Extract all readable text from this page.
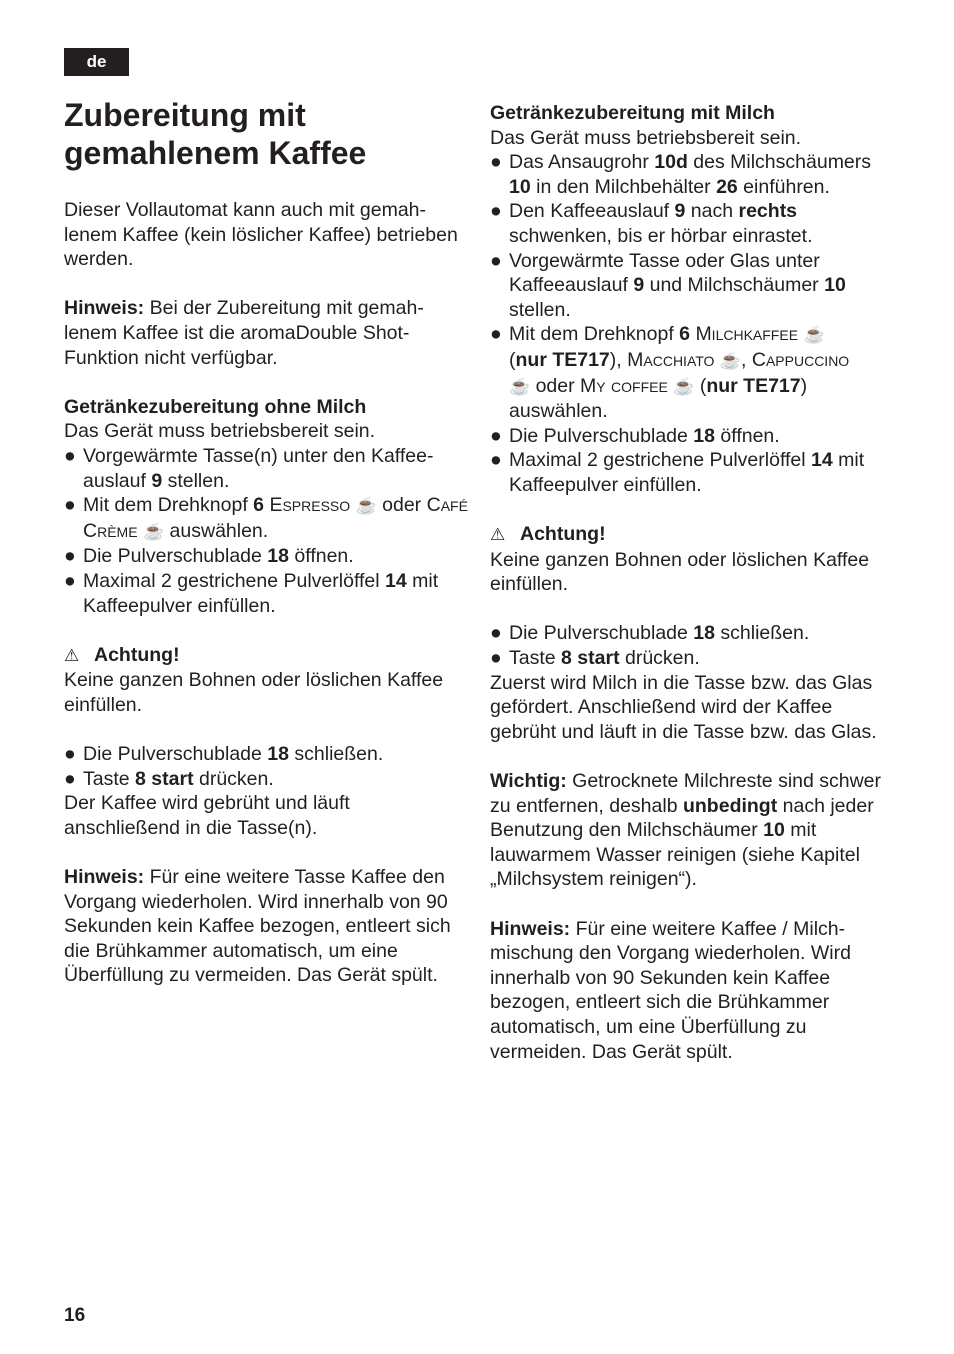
de
Zubereitung mit gemahlenem Kaffee

Dieser Vollautomat kann auch mit gemah-lenem Kaffee (kein löslicher Kaffee) betrieben werden.

Hinweis: Bei der Zubereitung mit gemah-lenem Kaffee ist die aromaDouble Shot-Funktion nicht verfügbar.

Getränkezubereitung ohne Milch

Das Gerät muss betriebsbereit sein.

● Vorgewärmte Tasse(n) unter den Kaffee-auslauf 9 stellen.
● Mit dem Drehknopf 6 Espresso ☕ oder Café Crème ☕ auswählen.
● Die Pulverschublade 18 öffnen.
● Maximal 2 gestrichene Pulverlöffel 14 mit Kaffeepulver einfüllen.

⚠ Achtung!

Keine ganzen Bohnen oder löslichen Kaffee einfüllen.

● Die Pulverschublade 18 schließen.
● Taste 8 start drücken.

Der Kaffee wird gebrüht und läuft anschließend in die Tasse(n).

Hinweis: Für eine weitere Tasse Kaffee den Vorgang wiederholen. Wird innerhalb von 90 Sekunden kein Kaffee bezogen, entleert sich die Brühkammer automatisch, um eine Überfüllung zu vermeiden. Das Gerät spült.

Getränkezubereitung mit Milch

Das Gerät muss betriebsbereit sein.

● Das Ansaugrohr 10d des Milchschäumers 10 in den Milchbehälter 26 einführen.
● Den Kaffeeauslauf 9 nach rechts schwenken, bis er hörbar einrastet.
● Vorgewärmte Tasse oder Glas unter Kaffeeauslauf 9 und Milchschäumer 10 stellen.
● Mit dem Drehknopf 6 Milchkaffee ☕
(nur TE717), Macchiato ☕, Cappuccino
☕ oder My coffee ☕ (nur TE717)
auswählen.
● Die Pulverschublade 18 öffnen.
● Maximal 2 gestrichene Pulverlöffel 14 mit Kaffeepulver einfüllen.

⚠ Achtung!

Keine ganzen Bohnen oder löslichen Kaffee einfüllen.

● Die Pulverschublade 18 schließen.
● Taste 8 start drücken.

Zuerst wird Milch in die Tasse bzw. das Glas gefördert. Anschließend wird der Kaffee gebrüht und läuft in die Tasse bzw. das Glas.

Wichtig: Getrocknete Milchreste sind schwer zu entfernen, deshalb unbedingt nach jeder Benutzung den Milchschäumer 10 mit lauwarmem Wasser reinigen (siehe Kapitel „Milchsystem reinigen“).

Hinweis: Für eine weitere Kaffee / Milch-mischung den Vorgang wiederholen. Wird innerhalb von 90 Sekunden kein Kaffee bezogen, entleert sich die Brühkammer automatisch, um eine Überfüllung zu vermeiden. Das Gerät spült.

16
